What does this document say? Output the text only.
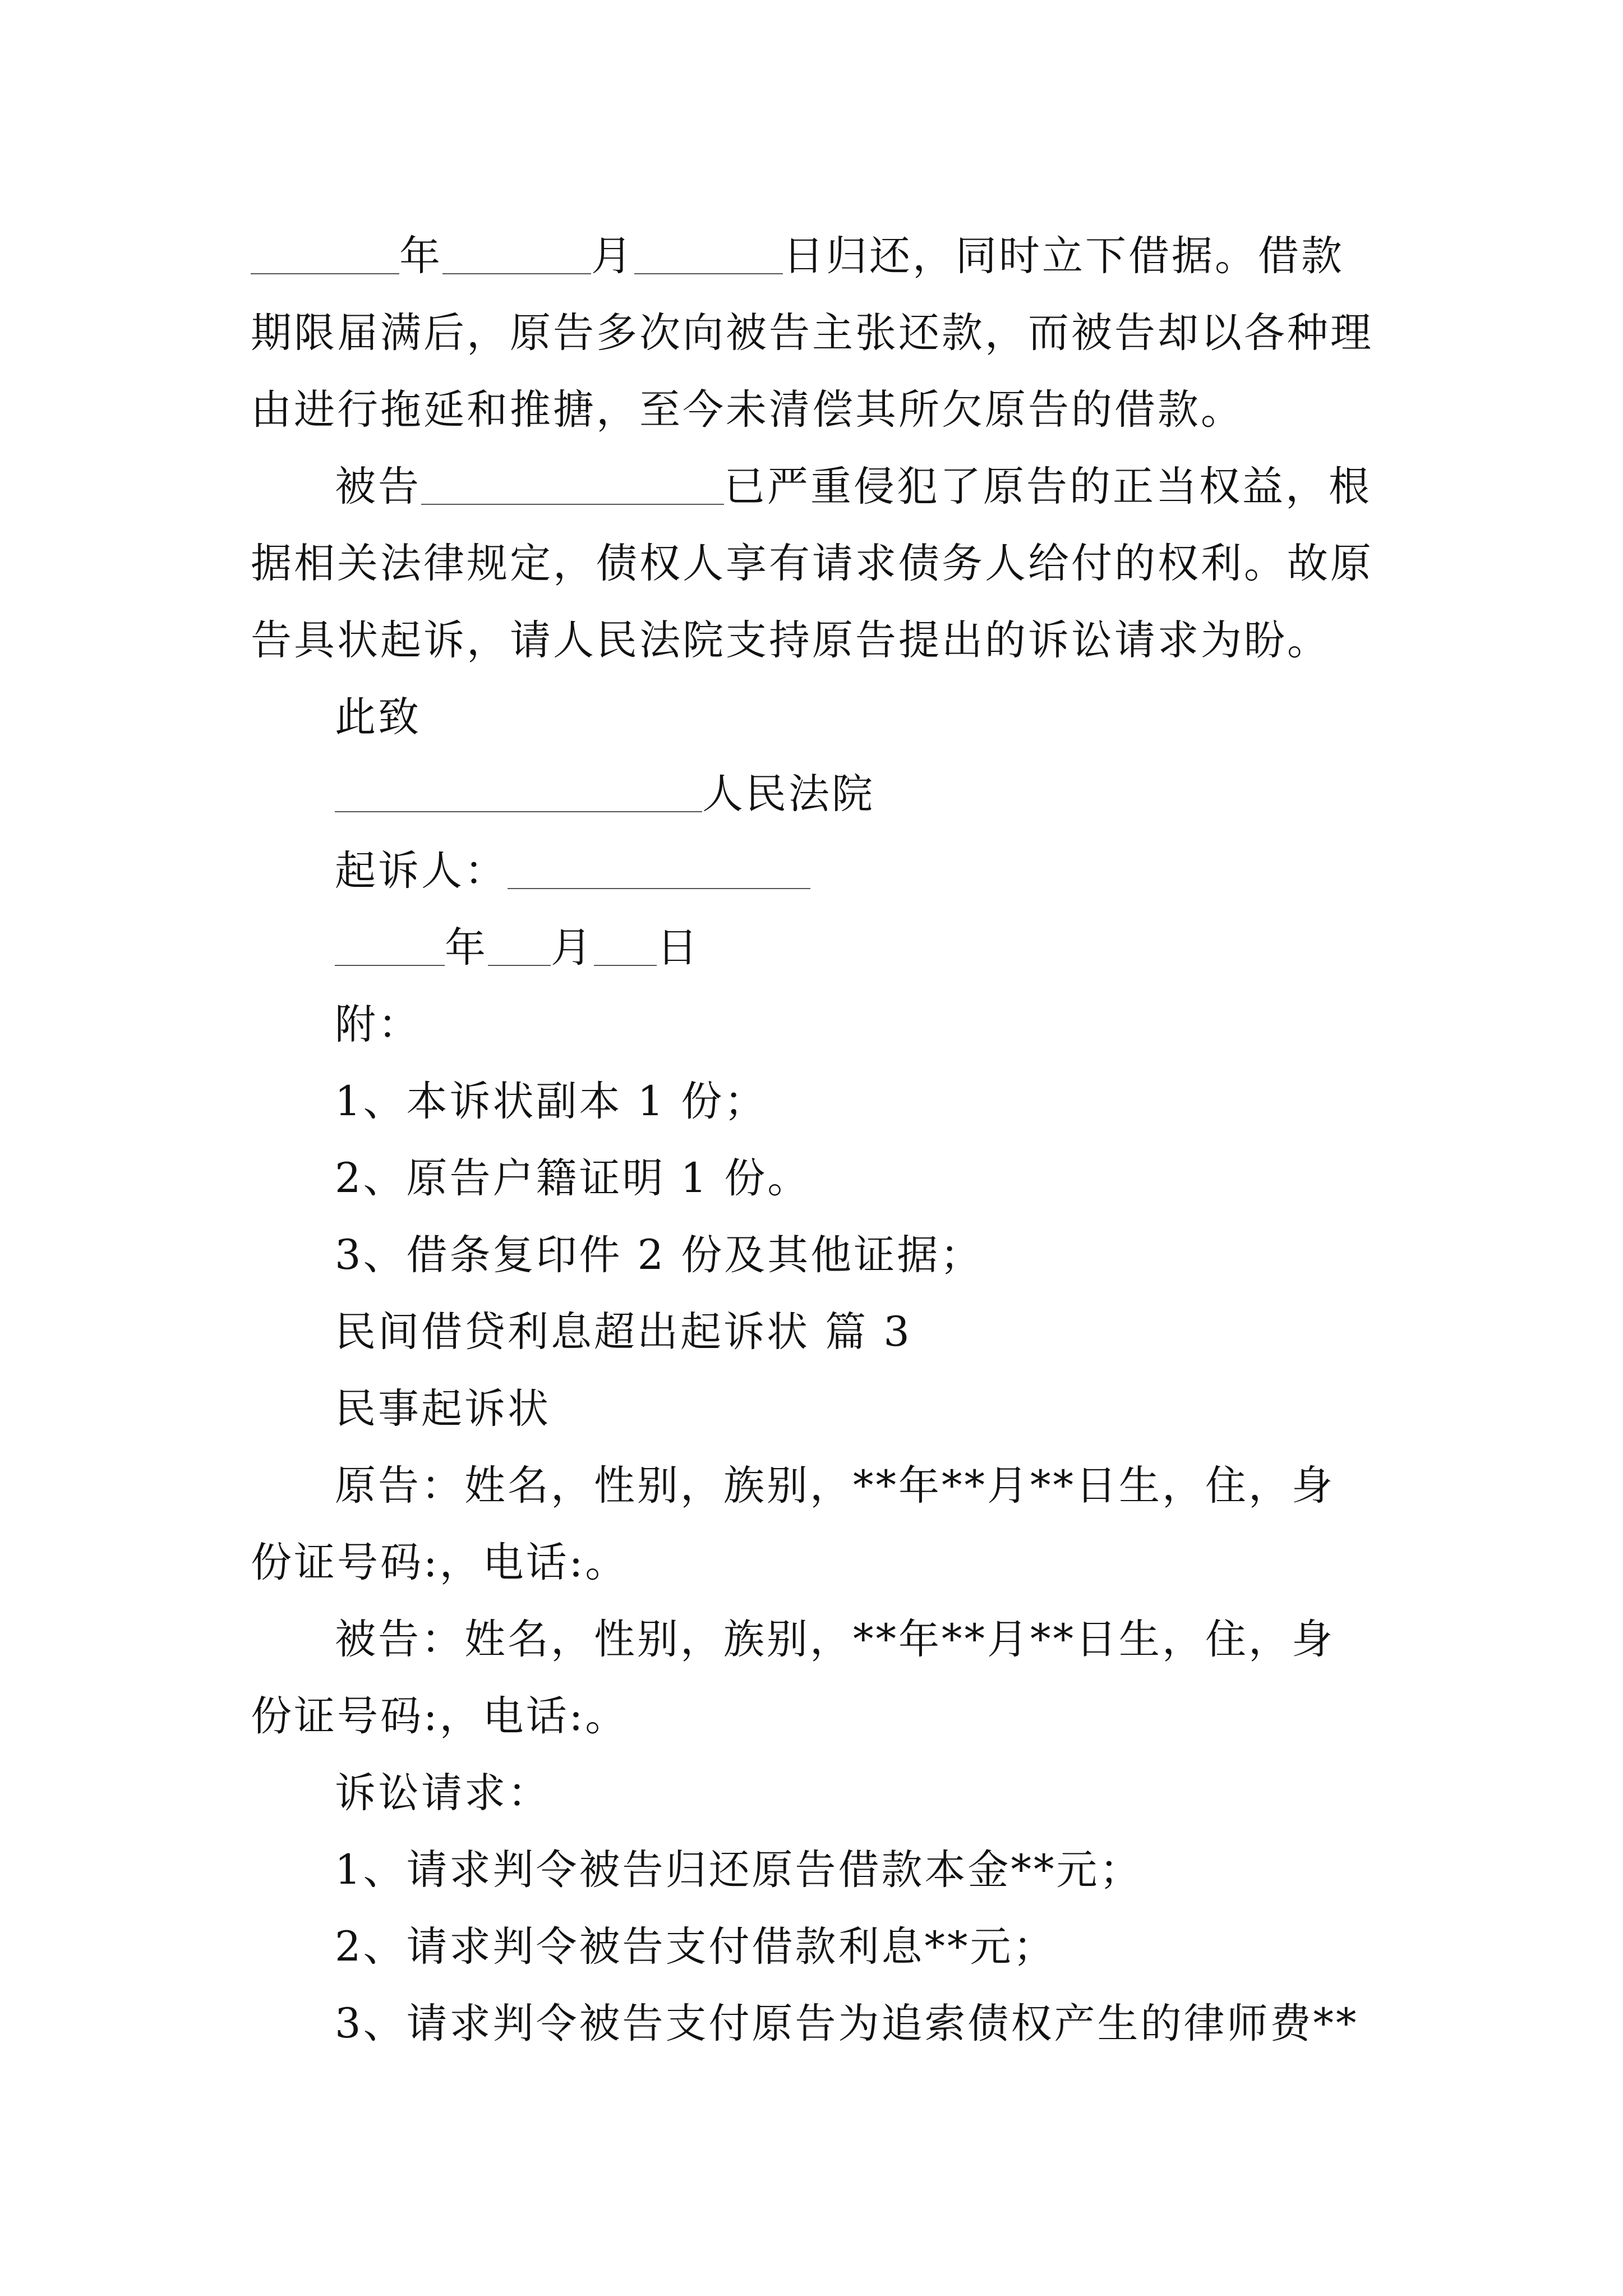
年	月	日归还，同时立下借据。借款
期限届满后，原告多次向被告主张还款，而被告却以各种理
由进行拖延和推搪，至今未清偿其所欠原告的借款。
被告	已严重侵犯了原告的正当权益，根
据相关法律规定，债权人享有请求债务人给付的权利。故原
告具状起诉，请人民法院支持原告提出的诉讼请求为盼。
此致
人民法院
起诉人：
年 月 日
附：
1、本诉状副本 1 份；
2、原告户籍证明 1 份。
3、借条复印件 2 份及其他证据；
民间借贷利息超出起诉状 篇 3
民事起诉状
原告：姓名，性别，族别，**年**月**日生，住，身
份证号码:，电话:。
被告：姓名，性别，族别，**年**月**日生，住，身
份证号码:，电话:。
诉讼请求：
1、请求判令被告归还原告借款本金**元；
2、请求判令被告支付借款利息**元；
3、请求判令被告支付原告为追索债权产生的律师费**
